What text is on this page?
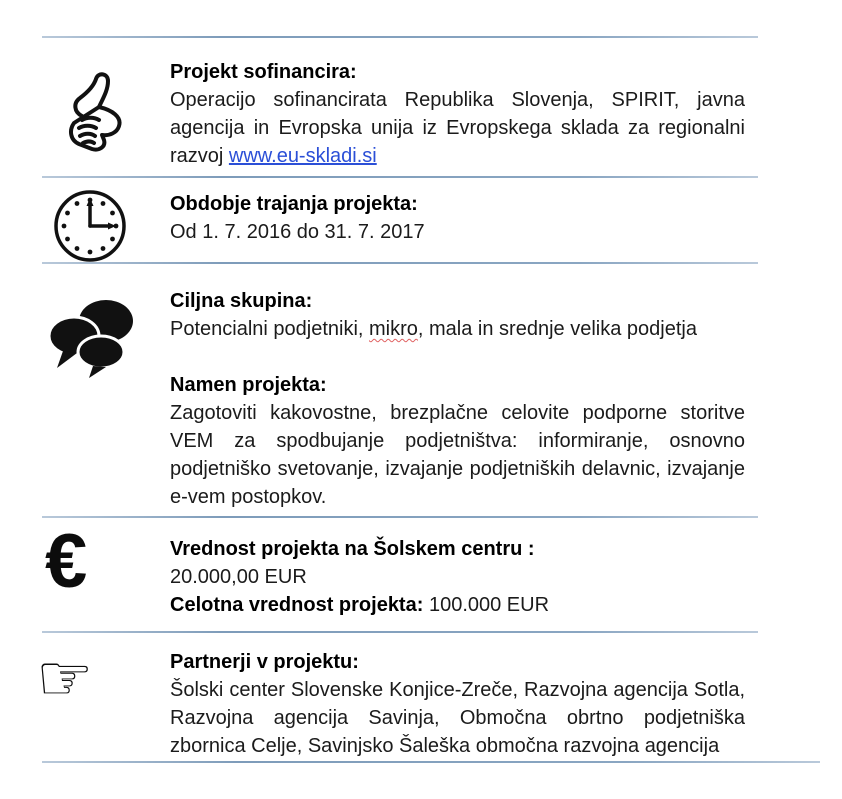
Projekt sofinancira:

Operacijo sofinancirata Republika Slovenja, SPIRIT, javna agencija in Evropska unija iz Evropskega sklada za regionalni razvoj www.eu-skladi.si

Obdobje trajanja projekta:

Od 1. 7. 2016 do 31. 7. 2017

Ciljna skupina:

Potencialni podjetniki, mikro, mala in srednje velika podjetja

Namen projekta:

Zagotoviti kakovostne, brezplačne celovite podporne storitve VEM za spodbujanje podjetništva: informiranje, osnovno podjetniško svetovanje, izvajanje podjetniških delavnic, izvajanje e-vem postopkov.

€	Vrednost projekta na Šolskem centru :

20.000,00 EUR

Celotna vrednost projekta: 100.000 EUR

☞	Partnerji v projektu:

Šolski center Slovenske Konjice-Zreče, Razvojna agencija Sotla, Razvojna agencija Savinja, Območna obrtno podjetniška zbornica Celje, Savinjsko Šaleška območna razvojna agencija
